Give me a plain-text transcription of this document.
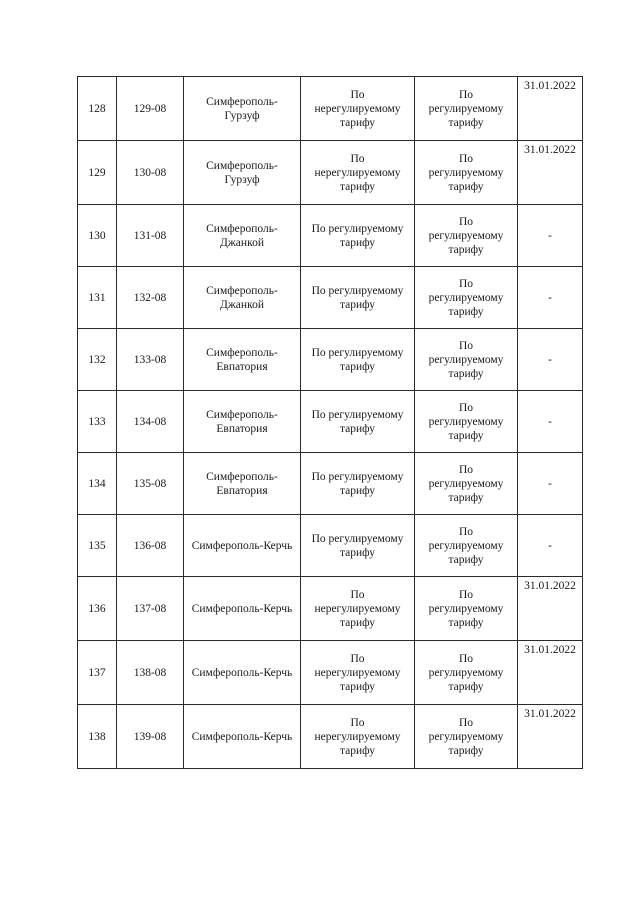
128	129-08	Симферополь-
Гурзуф	По
нерегулируемому
тарифу	По
регулируемому
тарифу	31.01.2022

129	130-08	Симферополь-
Гурзуф	По
нерегулируемому
тарифу	По
регулируемому
тарифу	31.01.2022

130	131-08	Симферополь-
Джанкой	По регулируемому
тарифу	По
регулируемому
тарифу	-

131	132-08	Симферополь-
Джанкой	По регулируемому
тарифу	По
регулируемому
тарифу	-

132	133-08	Симферополь-
Евпатория	По регулируемому
тарифу	По
регулируемому
тарифу	-

133	134-08	Симферополь-
Евпатория	По регулируемому
тарифу	По
регулируемому
тарифу	-

134	135-08	Симферополь-
Евпатория	По регулируемому
тарифу	По
регулируемому
тарифу	-

135	136-08	Симферополь-Керчь	По регулируемому
тарифу	По
регулируемому
тарифу	-

136	137-08	Симферополь-Керчь	По
нерегулируемому
тарифу	По
регулируемому
тарифу	31.01.2022

137	138-08	Симферополь-Керчь	По
нерегулируемому
тарифу	По
регулируемому
тарифу	31.01.2022

138	139-08	Симферополь-Керчь	По
нерегулируемому
тарифу	По
регулируемому
тарифу	31.01.2022
